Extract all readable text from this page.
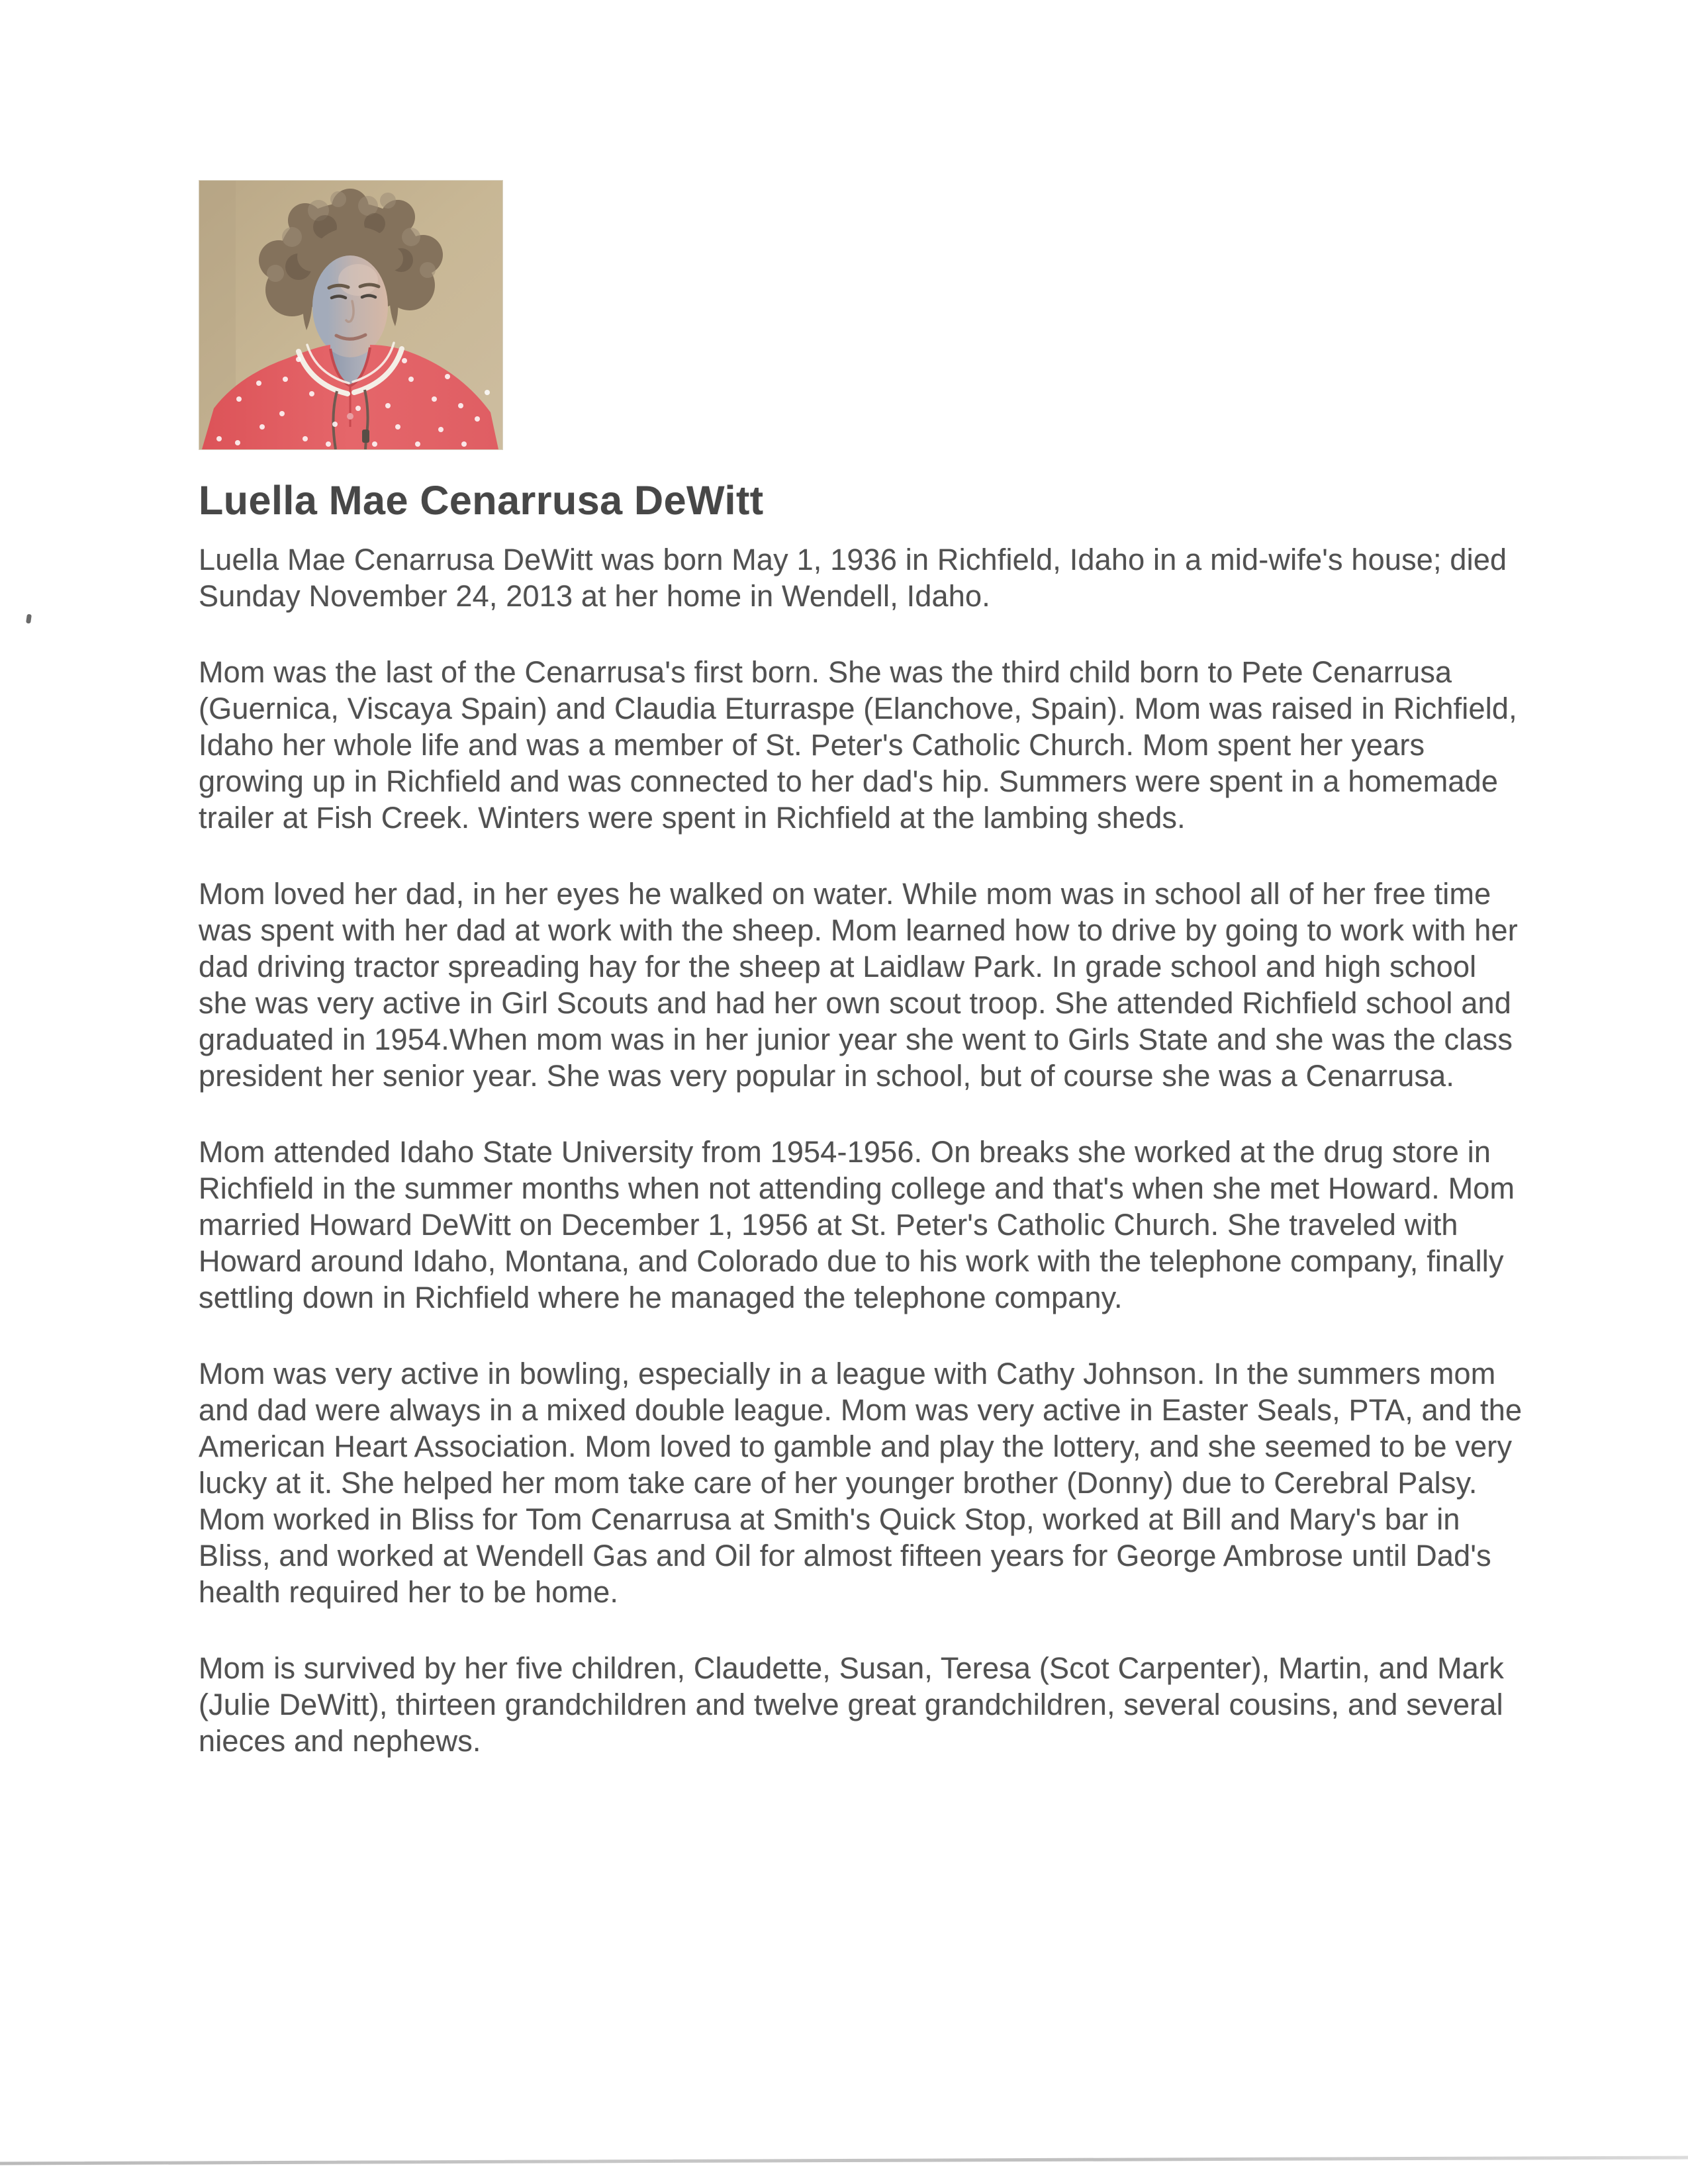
Luella Mae Cenarrusa DeWitt

Luella Mae Cenarrusa DeWitt was born May 1, 1936 in Richfield, Idaho in a mid-wife's house; died Sunday November 24, 2013 at her home in Wendell, Idaho.

Mom was the last of the Cenarrusa's first born. She was the third child born to Pete Cenarrusa (Guernica, Viscaya Spain) and Claudia Eturraspe (Elanchove, Spain). Mom was raised in Richfield, Idaho her whole life and was a member of St. Peter's Catholic Church. Mom spent her years growing up in Richfield and was connected to her dad's hip. Summers were spent in a homemade trailer at Fish Creek. Winters were spent in Richfield at the lambing sheds.

Mom loved her dad, in her eyes he walked on water. While mom was in school all of her free time was spent with her dad at work with the sheep. Mom learned how to drive by going to work with her dad driving tractor spreading hay for the sheep at Laidlaw Park. In grade school and high school she was very active in Girl Scouts and had her own scout troop. She attended Richfield school and graduated in 1954.When mom was in her junior year she went to Girls State and she was the class president her senior year. She was very popular in school, but of course she was a Cenarrusa.

Mom attended Idaho State University from 1954-1956. On breaks she worked at the drug store in Richfield in the summer months when not attending college and that's when she met Howard. Mom married Howard DeWitt on December 1, 1956 at St. Peter's Catholic Church. She traveled with Howard around Idaho, Montana, and Colorado due to his work with the telephone company, finally settling down in Richfield where he managed the telephone company.

Mom was very active in bowling, especially in a league with Cathy Johnson. In the summers mom and dad were always in a mixed double league. Mom was very active in Easter Seals, PTA, and the American Heart Association. Mom loved to gamble and play the lottery, and she seemed to be very lucky at it. She helped her mom take care of her younger brother (Donny) due to Cerebral Palsy. Mom worked in Bliss for Tom Cenarrusa at Smith's Quick Stop, worked at Bill and Mary's bar in Bliss, and worked at Wendell Gas and Oil for almost fifteen years for George Ambrose until Dad's health required her to be home.

Mom is survived by her five children, Claudette, Susan, Teresa (Scot Carpenter), Martin, and Mark (Julie DeWitt), thirteen grandchildren and twelve great grandchildren, several cousins, and several nieces and nephews.
